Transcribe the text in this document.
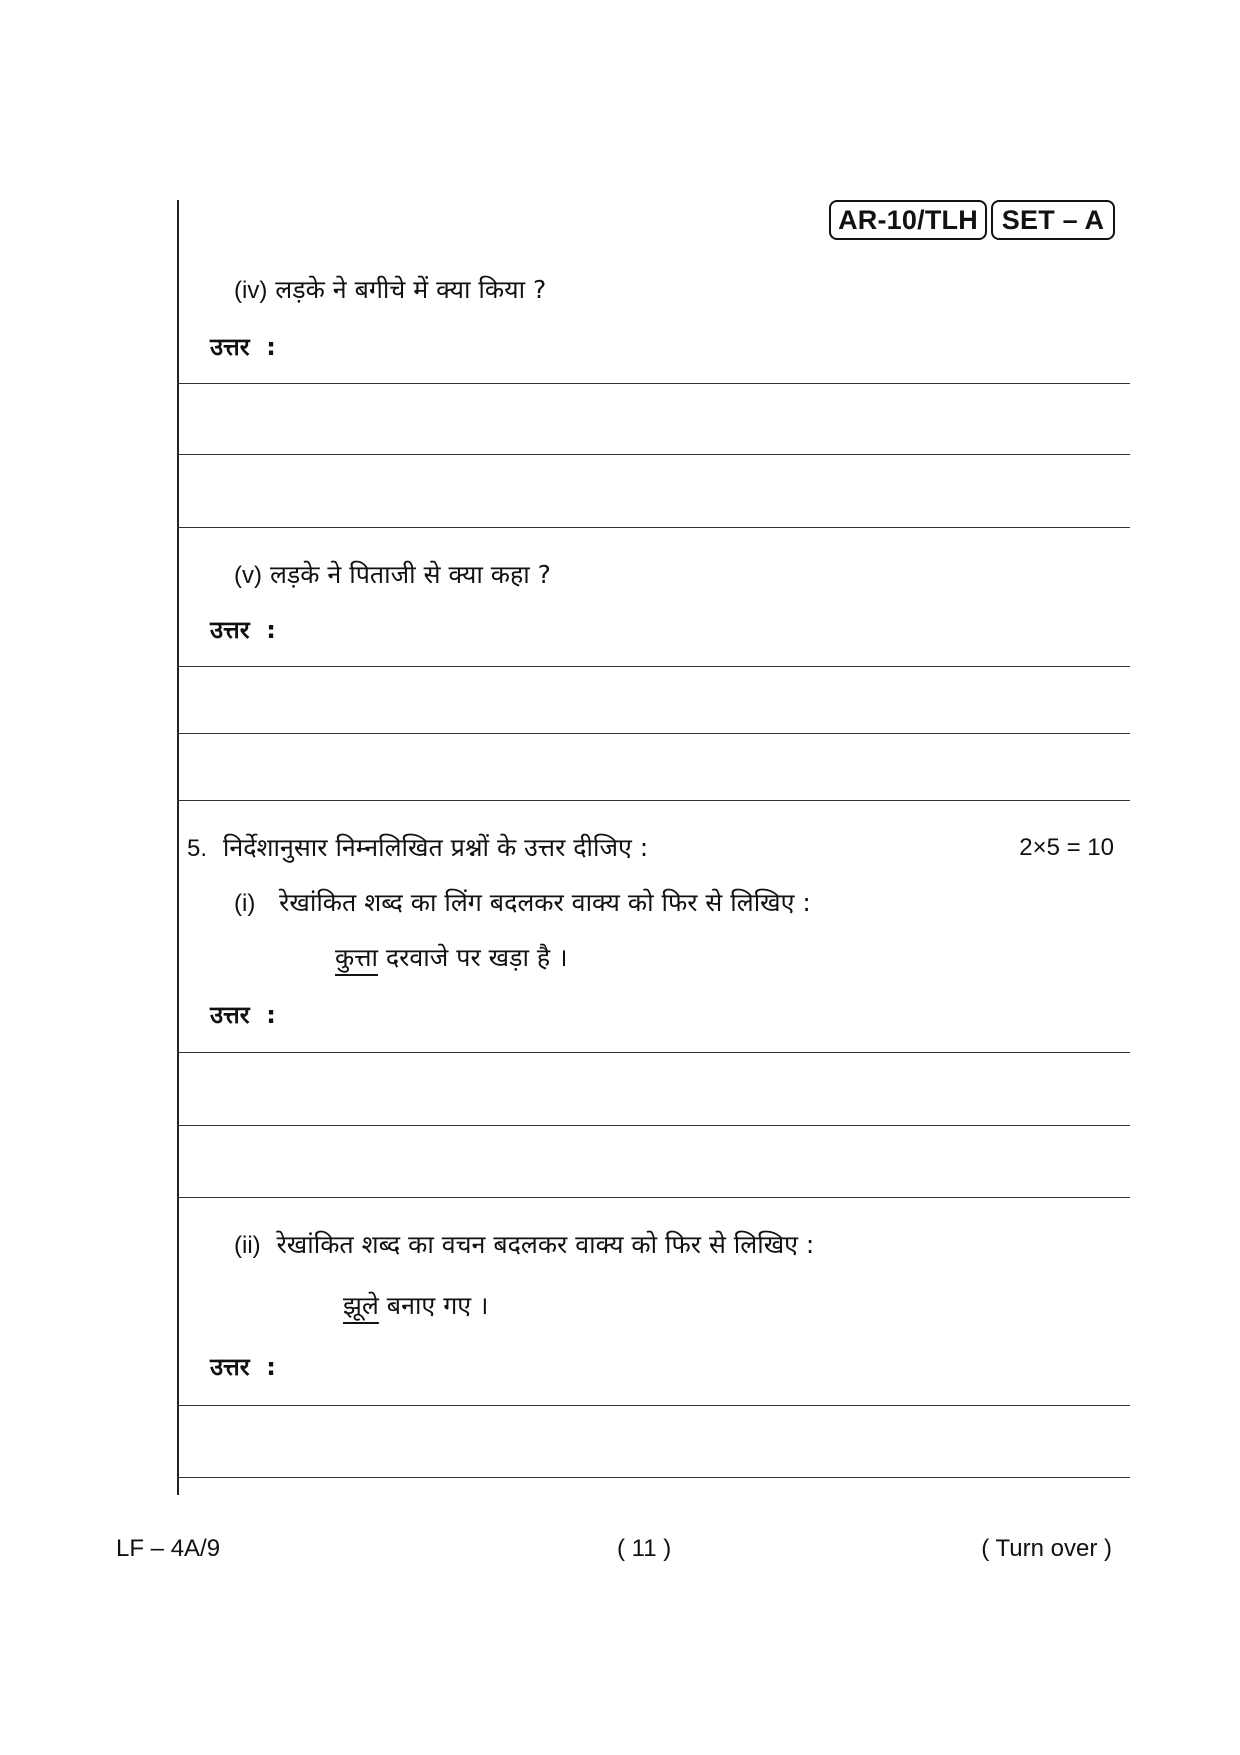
AR-10/TLH SET – A
(iv) लड़के ने बगीचे में क्या किया ?
उत्तर :
(v) लड़के ने पिताजी से क्या कहा ?
उत्तर :
5. निर्देशानुसार निम्नलिखित प्रश्नों के उत्तर दीजिए :	2×5 = 10
(i) रेखांकित शब्द का लिंग बदलकर वाक्य को फिर से लिखिए :
कुत्ता दरवाजे पर खड़ा है ।
उत्तर :
(ii) रेखांकित शब्द का वचन बदलकर वाक्य को फिर से लिखिए :
झूले बनाए गए ।
उत्तर :
LF – 4A/9	( 11 )	( Turn over )
